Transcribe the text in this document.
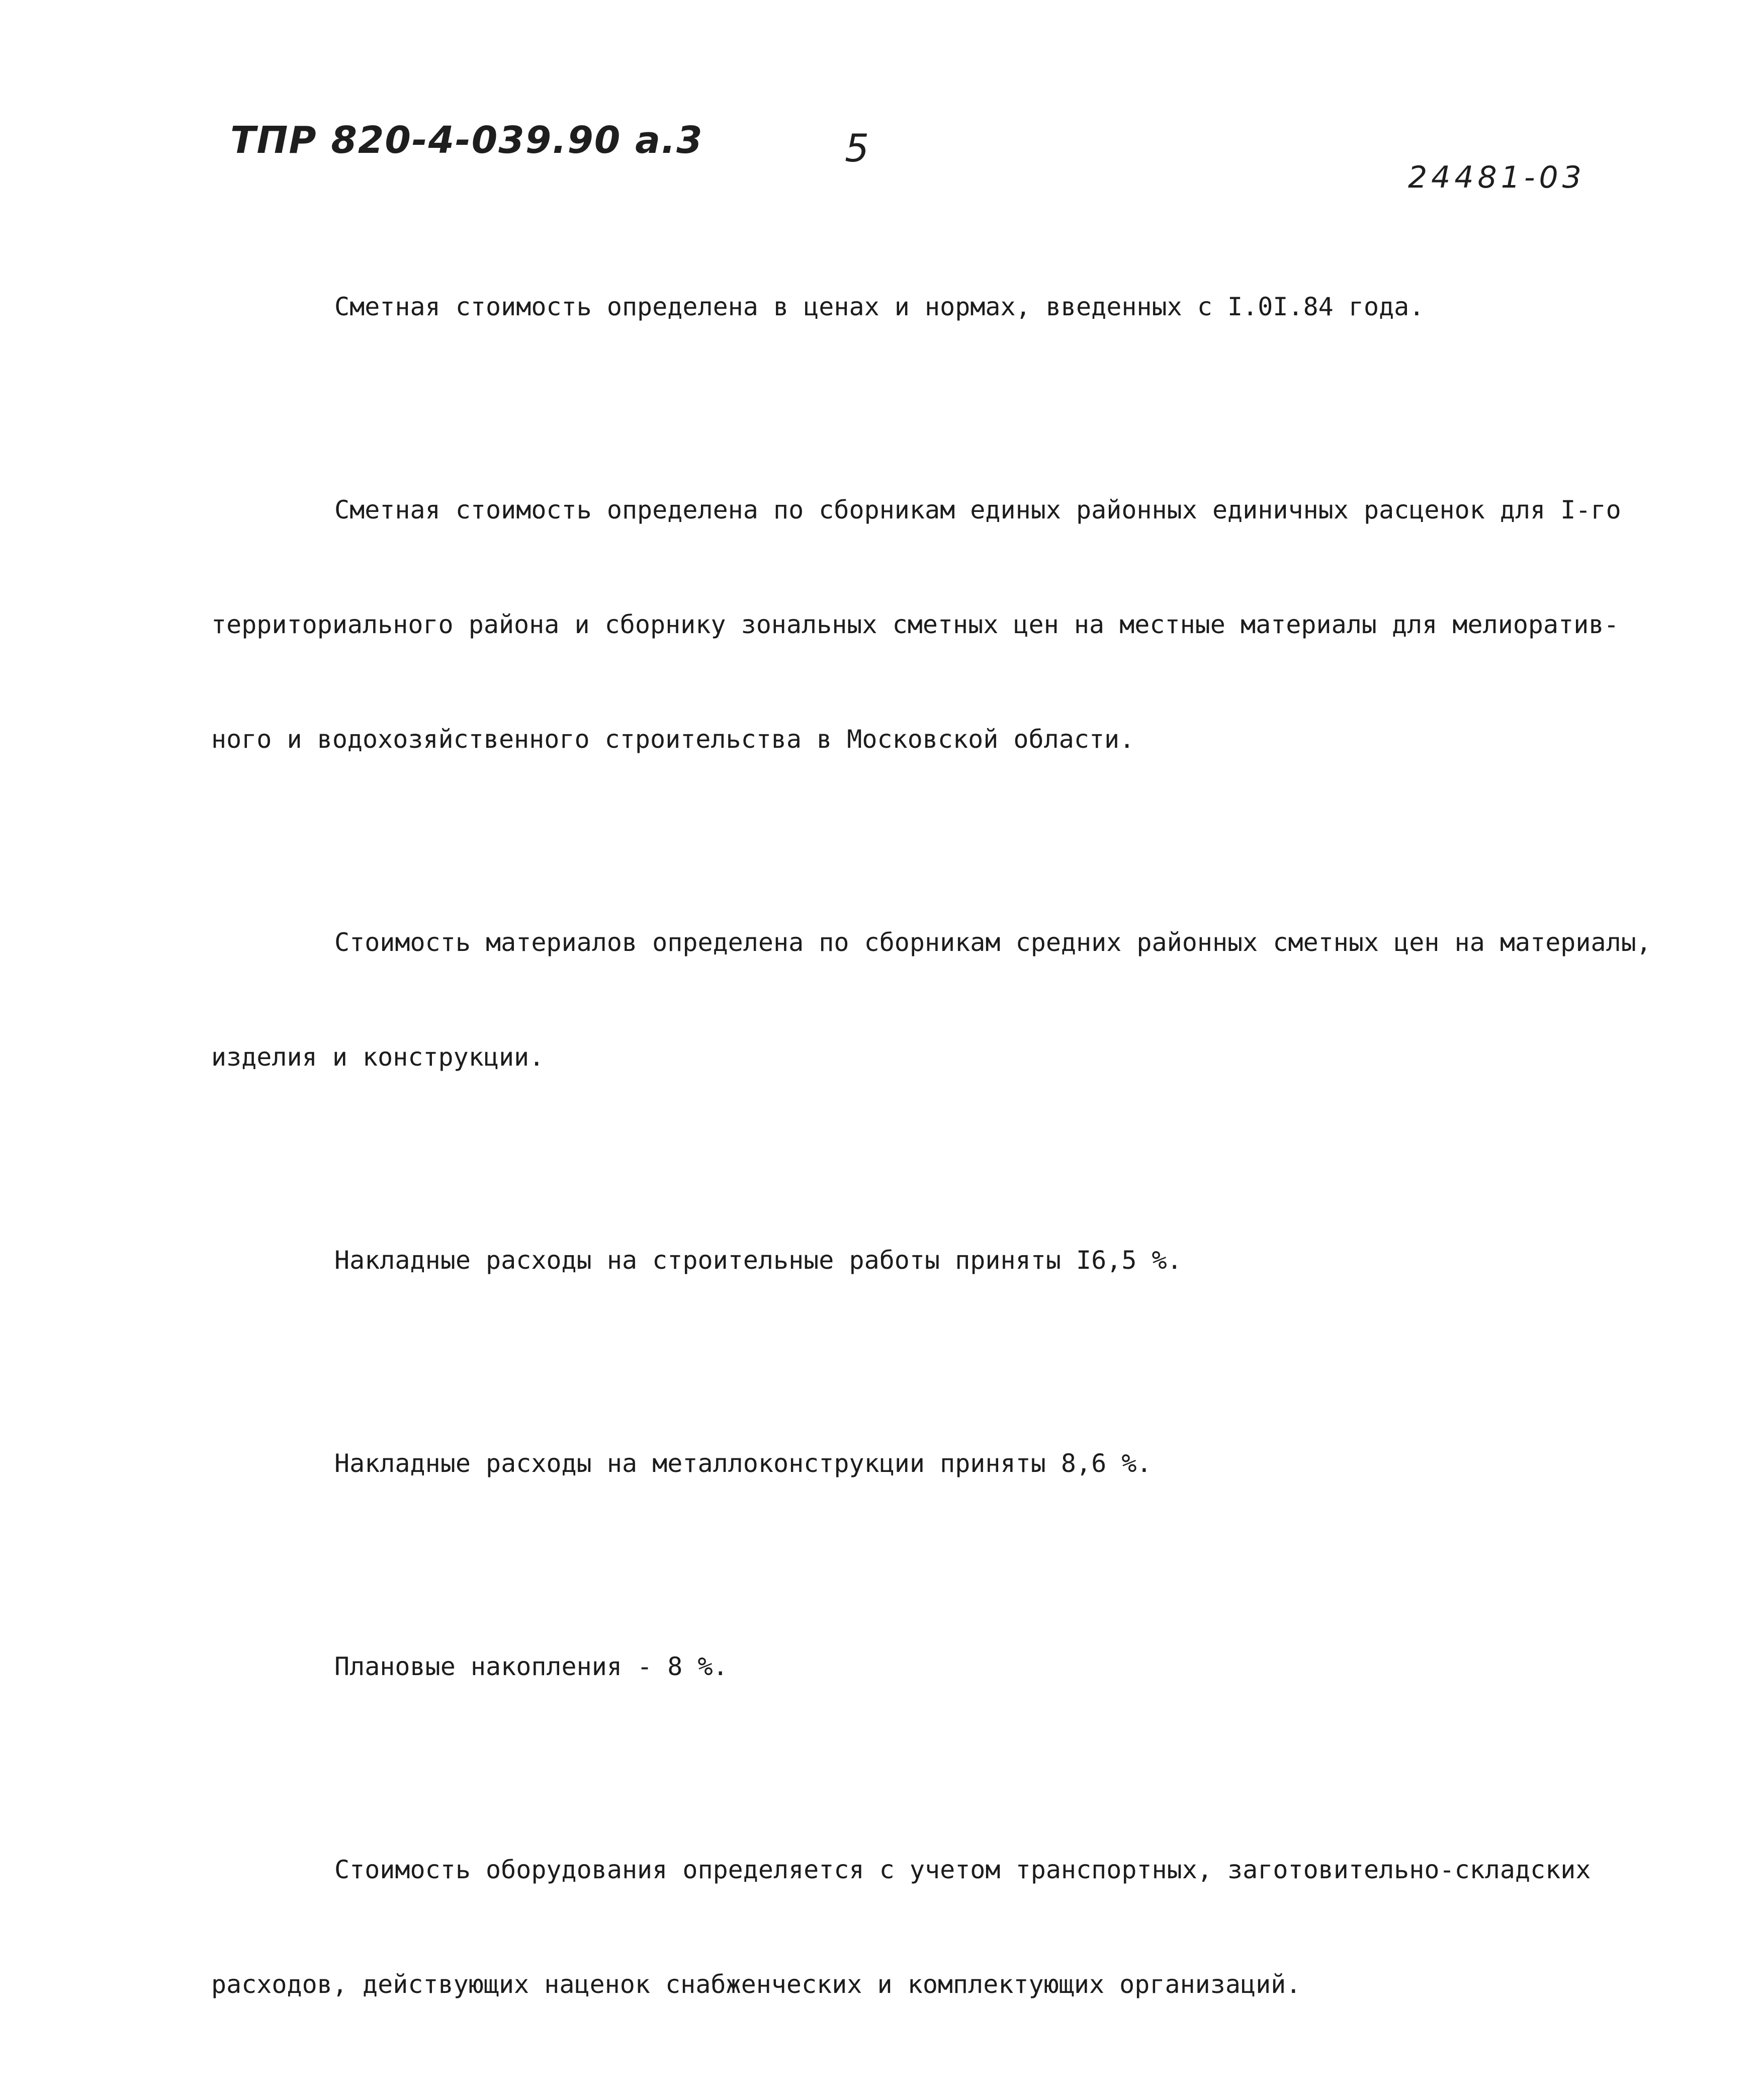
ТПР 820-4-039.90 а.3	5
24481-03

Сметная стоимость определена в ценах и нормах, введенных с I.0I.84 года.

Сметная стоимость определена по сборникам единых районных единичных расценок для I-го

территориального района и сборнику зональных сметных цен на местные материалы для мелиоратив-

ного и водохозяйственного строительства в Московской области.

Стоимость материалов определена по сборникам средних районных сметных цен на материалы,

изделия и конструкции.

Накладные расходы на строительные работы приняты I6,5 %.

Накладные расходы на металлоконструкции приняты 8,6 %.

Плановые накопления - 8 %.

Стоимость оборудования определяется с учетом транспортных, заготовительно-складских

расходов, действующих наценок снабженческих и комплектующих организаций.
